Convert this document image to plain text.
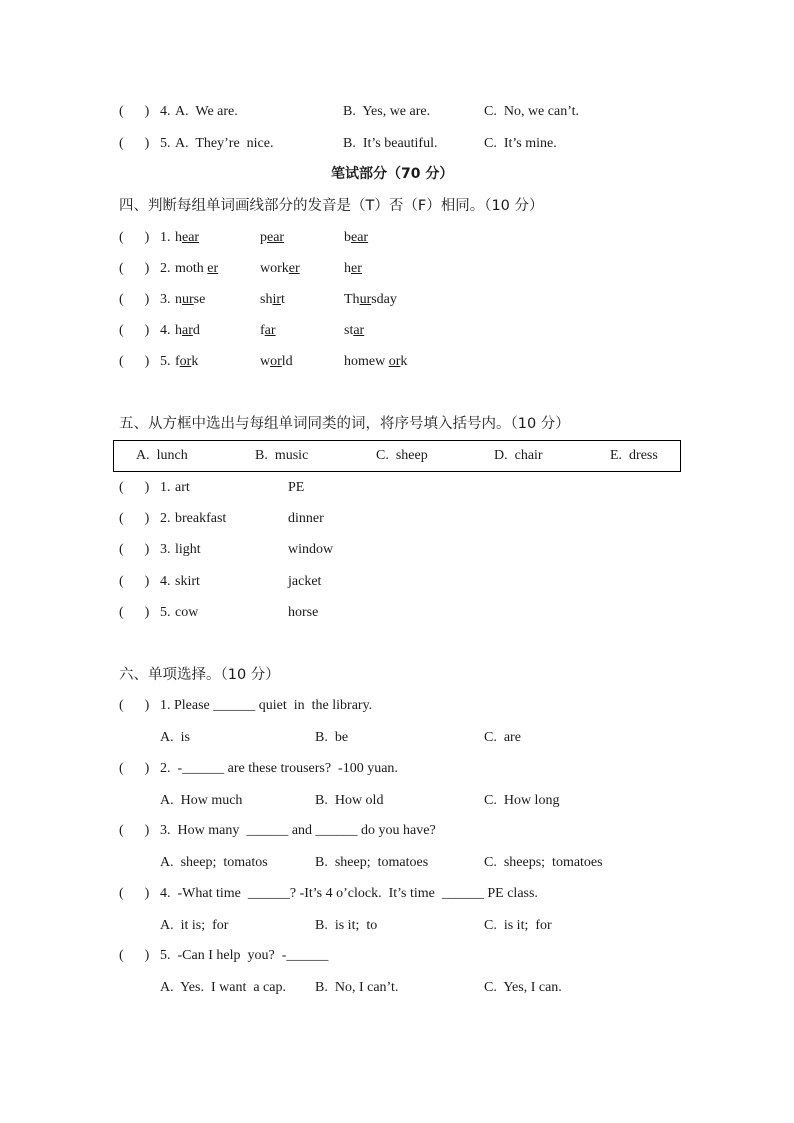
(      ) 4. A.  We are.	B.  Yes, we are.	C.  No, we can’t.
(      ) 5. A.  They’re  nice.	B.  It’s beautiful.	C.  It’s mine.
笔试部分（70 分）
四、判断每组单词画线部分的发音是（T）否（F）相同。（10 分）
(      ) 1. hear	pear	bear
(      ) 2. moth er	worker	her
(      ) 3. nurse	shirt	Thursday
(      ) 4. hard	far	star
(      ) 5. fork	world	homew ork
五、从方框中选出与每组单词同类的词，将序号填入括号内。（10 分）
A.  lunch	B.  music	C.  sheep	D.  chair	E.  dress
(      ) 1. art	PE
(      ) 2. breakfast	dinner
(      ) 3. light	window
(      ) 4. skirt	jacket
(      ) 5. cow	horse
六、单项选择。（10 分）
(      ) 1. Please ______ quiet  in  the library.
A.  is	B.  be	C.  are
(      ) 2.  -______ are these trousers?  -100 yuan.
A.  How much	B.  How old	C.  How long
(      ) 3.  How many  ______ and ______ do you have?
A.  sheep;  tomatos	B.  sheep;  tomatoes	C.  sheeps;  tomatoes
(      ) 4.  -What time  ______? -It’s 4 o’clock.  It’s time  ______ PE class.
A.  it is;  for	B.  is it;  to	C.  is it;  for
(      ) 5.  -Can I help  you?  -______
A.  Yes.  I want  a cap. B.  No, I can’t.	C.  Yes, I can.
